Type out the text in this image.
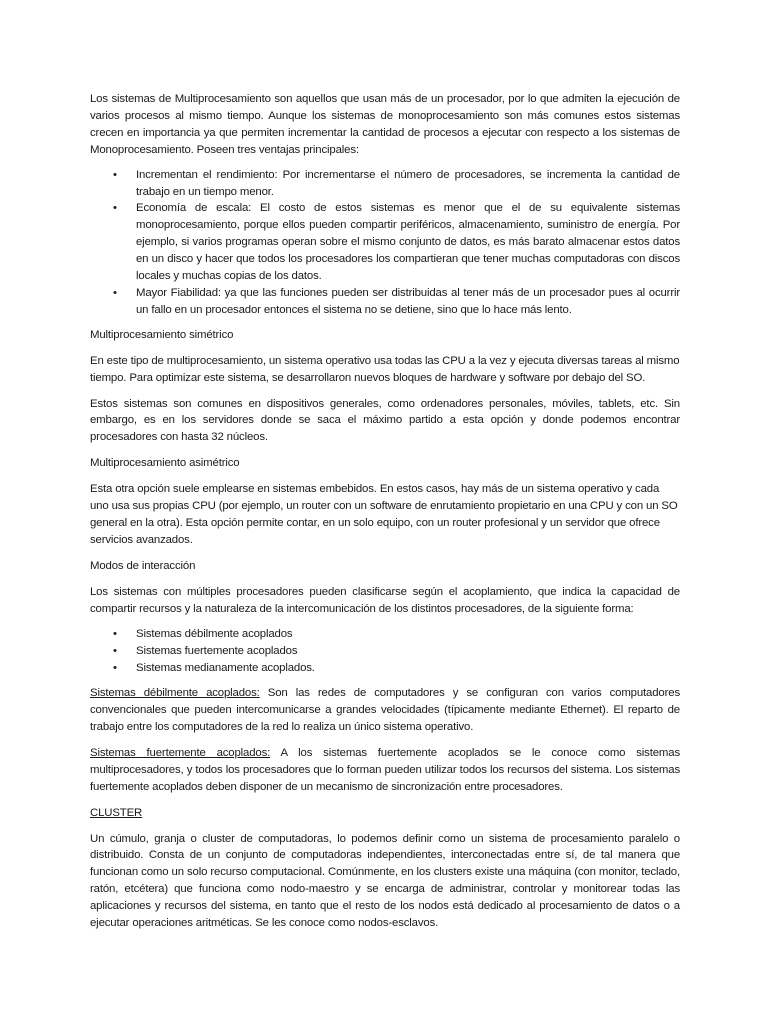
Los sistemas de Multiprocesamiento son aquellos que usan más de un procesador, por lo que admiten la ejecución de varios procesos al mismo tiempo. Aunque los sistemas de monoprocesamiento son más comunes estos sistemas crecen en importancia ya que permiten incrementar la cantidad de procesos a ejecutar con respecto a los sistemas de Monoprocesamiento. Poseen tres ventajas principales:

• Incrementan el rendimiento: Por incrementarse el número de procesadores, se incrementa la cantidad de trabajo en un tiempo menor.
• Economía de escala: El costo de estos sistemas es menor que el de su equivalente sistemas monoprocesamiento, porque ellos pueden compartir periféricos, almacenamiento, suministro de energía. Por ejemplo, si varios programas operan sobre el mismo conjunto de datos, es más barato almacenar estos datos en un disco y hacer que todos los procesadores los compartieran que tener muchas computadoras con discos locales y muchas copias de los datos.
• Mayor Fiabilidad: ya que las funciones pueden ser distribuidas al tener más de un procesador pues al ocurrir un fallo en un procesador entonces el sistema no se detiene, sino que lo hace más lento.

Multiprocesamiento simétrico

En este tipo de multiprocesamiento, un sistema operativo usa todas las CPU a la vez y ejecuta diversas tareas al mismo tiempo. Para optimizar este sistema, se desarrollaron nuevos bloques de hardware y software por debajo del SO.

Estos sistemas son comunes en dispositivos generales, como ordenadores personales, móviles, tablets, etc. Sin embargo, es en los servidores donde se saca el máximo partido a esta opción y donde podemos encontrar procesadores con hasta 32 núcleos.

Multiprocesamiento asimétrico

Esta otra opción suele emplearse en sistemas embebidos. En estos casos, hay más de un sistema operativo y cada uno usa sus propias CPU (por ejemplo, un router con un software de enrutamiento propietario en una CPU y con un SO general en la otra). Esta opción permite contar, en un solo equipo, con un router profesional y un servidor que ofrece servicios avanzados.

Modos de interacción

Los sistemas con múltiples procesadores pueden clasificarse según el acoplamiento, que indica la capacidad de compartir recursos y la naturaleza de la intercomunicación de los distintos procesadores, de la siguiente forma:

• Sistemas débilmente acoplados
• Sistemas fuertemente acoplados
• Sistemas medianamente acoplados.

Sistemas débilmente acoplados: Son las redes de computadores y se configuran con varios computadores convencionales que pueden intercomunicarse a grandes velocidades (típicamente mediante Ethernet). El reparto de trabajo entre los computadores de la red lo realiza un único sistema operativo.

Sistemas fuertemente acoplados: A los sistemas fuertemente acoplados se le conoce como sistemas multiprocesadores, y todos los procesadores que lo forman pueden utilizar todos los recursos del sistema. Los sistemas fuertemente acoplados deben disponer de un mecanismo de sincronización entre procesadores.

CLUSTER

Un cúmulo, granja o cluster de computadoras, lo podemos definir como un sistema de procesamiento paralelo o distribuido. Consta de un conjunto de computadoras independientes, interconectadas entre sí, de tal manera que funcionan como un solo recurso computacional. Comúnmente, en los clusters existe una máquina (con monitor, teclado, ratón, etcétera) que funciona como nodo-maestro y se encarga de administrar, controlar y monitorear todas las aplicaciones y recursos del sistema, en tanto que el resto de los nodos está dedicado al procesamiento de datos o a ejecutar operaciones aritméticas. Se les conoce como nodos-esclavos.
